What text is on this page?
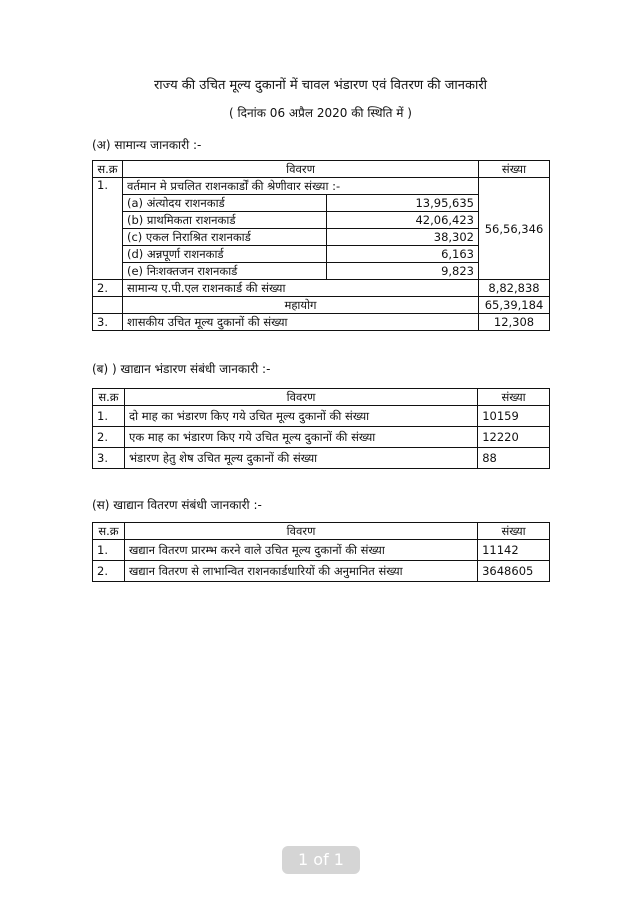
राज्य की उचित मूल्य दुकानों में चावल भंडारण एवं वितरण की जानकारी
( दिनांक 06 अप्रैल 2020 की स्थिति में )
(अ) सामान्य जानकारी :-
स.क्र	विवरण		संख्या
1.	वर्तमान मे प्रचलित राशनकार्डों की श्रेणीवार संख्या :-		56,56,346
	(a) अंत्योदय राशनकार्ड	13,95,635	
	(b) प्राथमिकता राशनकार्ड	42,06,423	
	(c) एकल निराश्रित राशनकार्ड	38,302	
	(d) अन्नपूर्णा राशनकार्ड	6,163	
	(e) निःशक्तजन राशनकार्ड	9,823	
2.	सामान्य ए.पी.एल राशनकार्ड की संख्या		8,82,838
	महायोग		65,39,184
3.	शासकीय उचित मूल्य दुकानों की संख्या		12,308
(ब) ) खाद्यान भंडारण संबंधी जानकारी :-
स.क्र	विवरण	संख्या
1.	दो माह का भंडारण किए गये उचित मूल्य दुकानों की संख्या	10159
2.	एक माह का भंडारण किए गये उचित मूल्य दुकानों की संख्या	12220
3.	भंडारण हेतु शेष उचित मूल्य दुकानों की संख्या	88
(स) खाद्यान वितरण संबंधी जानकारी :-
स.क्र	विवरण	संख्या
1.	खद्यान वितरण प्रारम्भ करने वाले उचित मूल्य दुकानों की संख्या	11142
2.	खद्यान वितरण से लाभान्वित राशनकार्डधारियों की अनुमानित संख्या	3648605
1 of 1
